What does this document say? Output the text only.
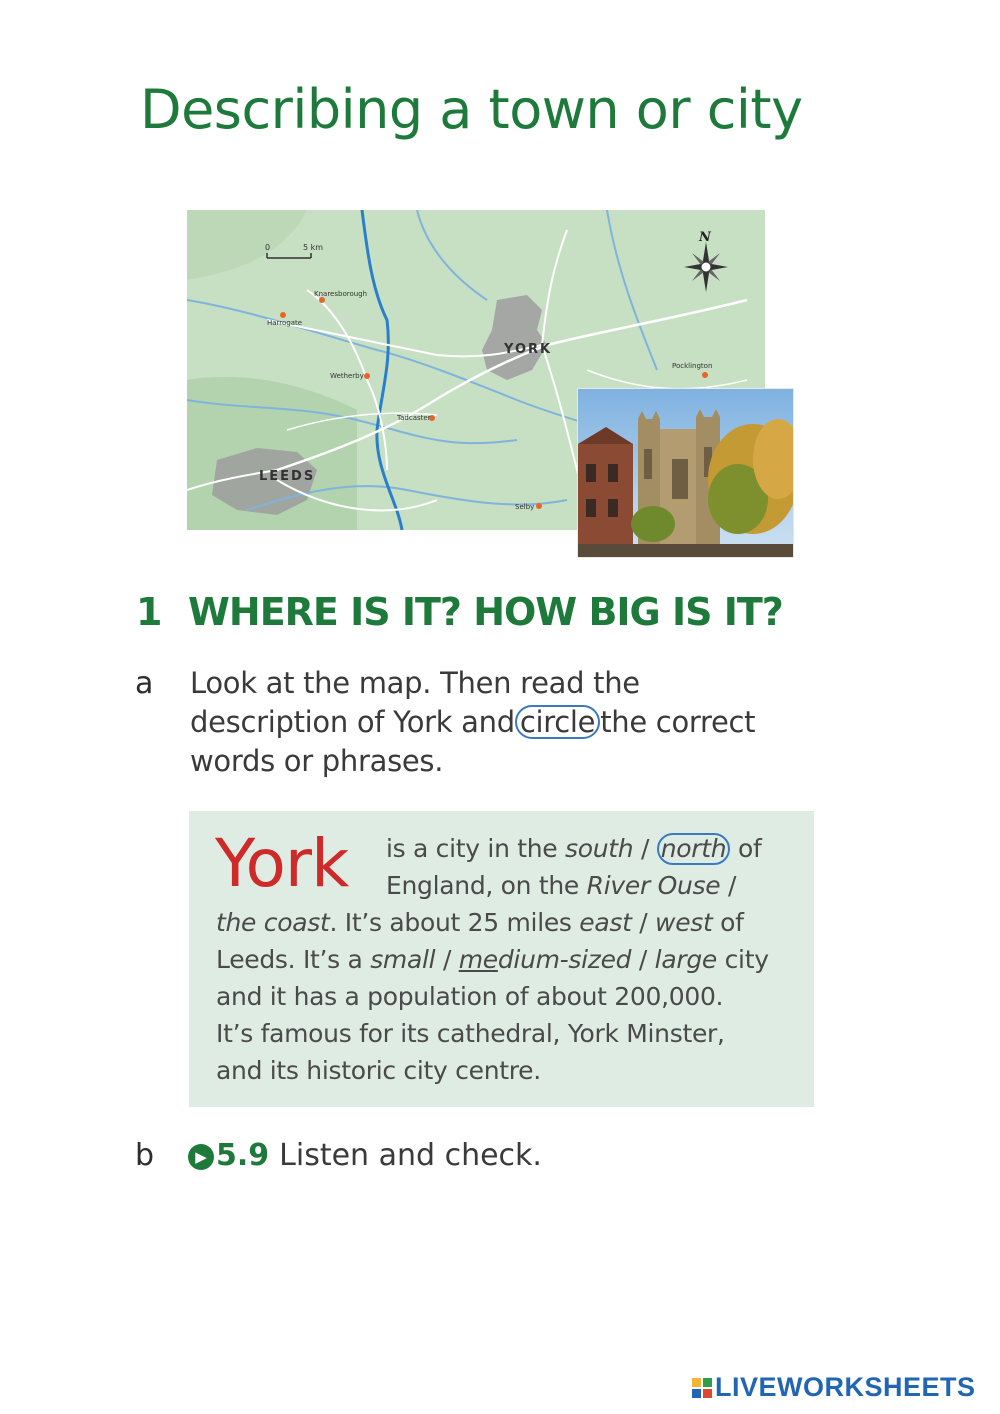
Describing a town or city
0	5 km
N
Knaresborough
Harrogate
Wetherby
Tadcaster
Pocklington
Selby
YORK
LEEDS
1 WHERE IS IT? HOW BIG IS IT?
a Look at the map. Then read the
description of York and circle the correct
words or phrases.
York is a city in the south / north of
England, on the River Ouse /
the coast. It’s about 25 miles east / west of
Leeds. It’s a small / medium-sized / large city
and it has a population of about 200,000.
It’s famous for its cathedral, York Minster,
and its historic city centre.
b	▶ 5.9 Listen and check.
LIVEWORKSHEETS
